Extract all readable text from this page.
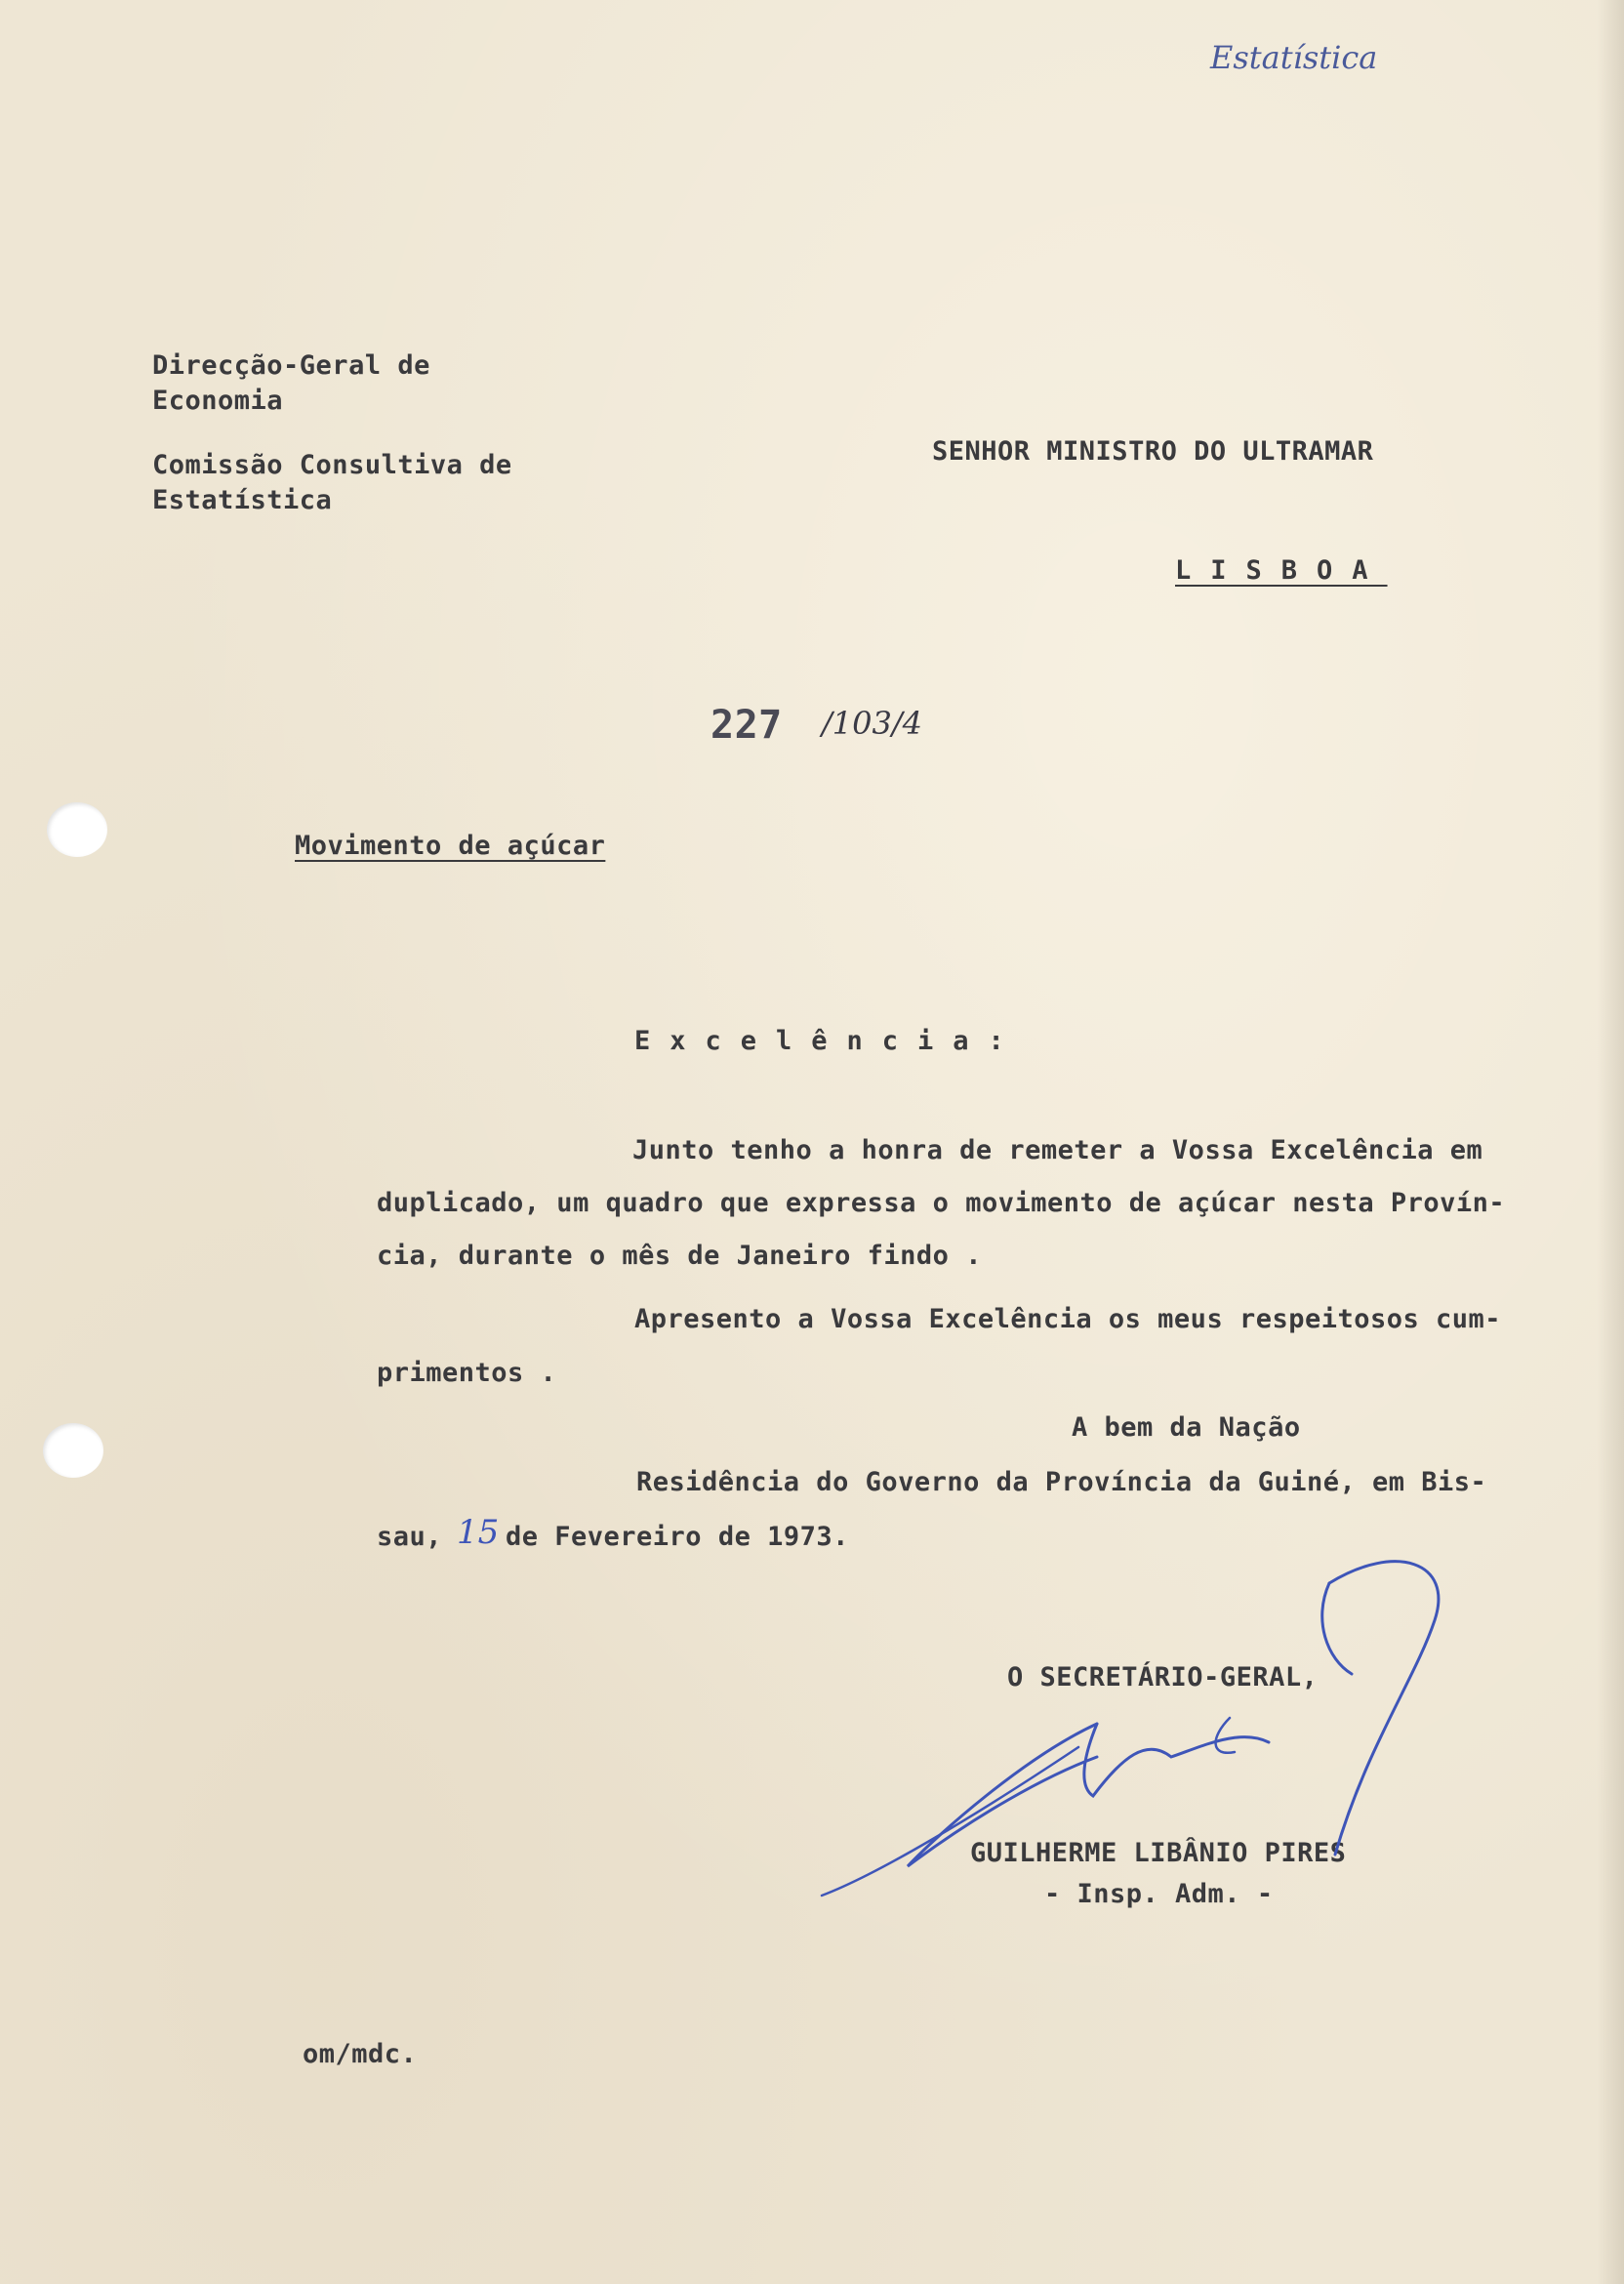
Estatística
Direcção-Geral de
Economia
Comissão Consultiva de
Estatística
SENHOR MINISTRO DO ULTRAMAR
LISBOA
227 /103/4
Movimento de açúcar
Excelência:
Junto tenho a honra de remeter a Vossa Excelência em
duplicado, um quadro que expressa o movimento de açúcar nesta Provín-
cia, durante o mês de Janeiro findo .
Apresento a Vossa Excelência os meus respeitosos cum-
primentos .
A bem da Nação
Residência do Governo da Província da Guiné, em Bis-
sau, 15 de Fevereiro de 1973.
O SECRETÁRIO-GERAL,
GUILHERME LIBÂNIO PIRES
- Insp. Adm. -
om/mdc.
